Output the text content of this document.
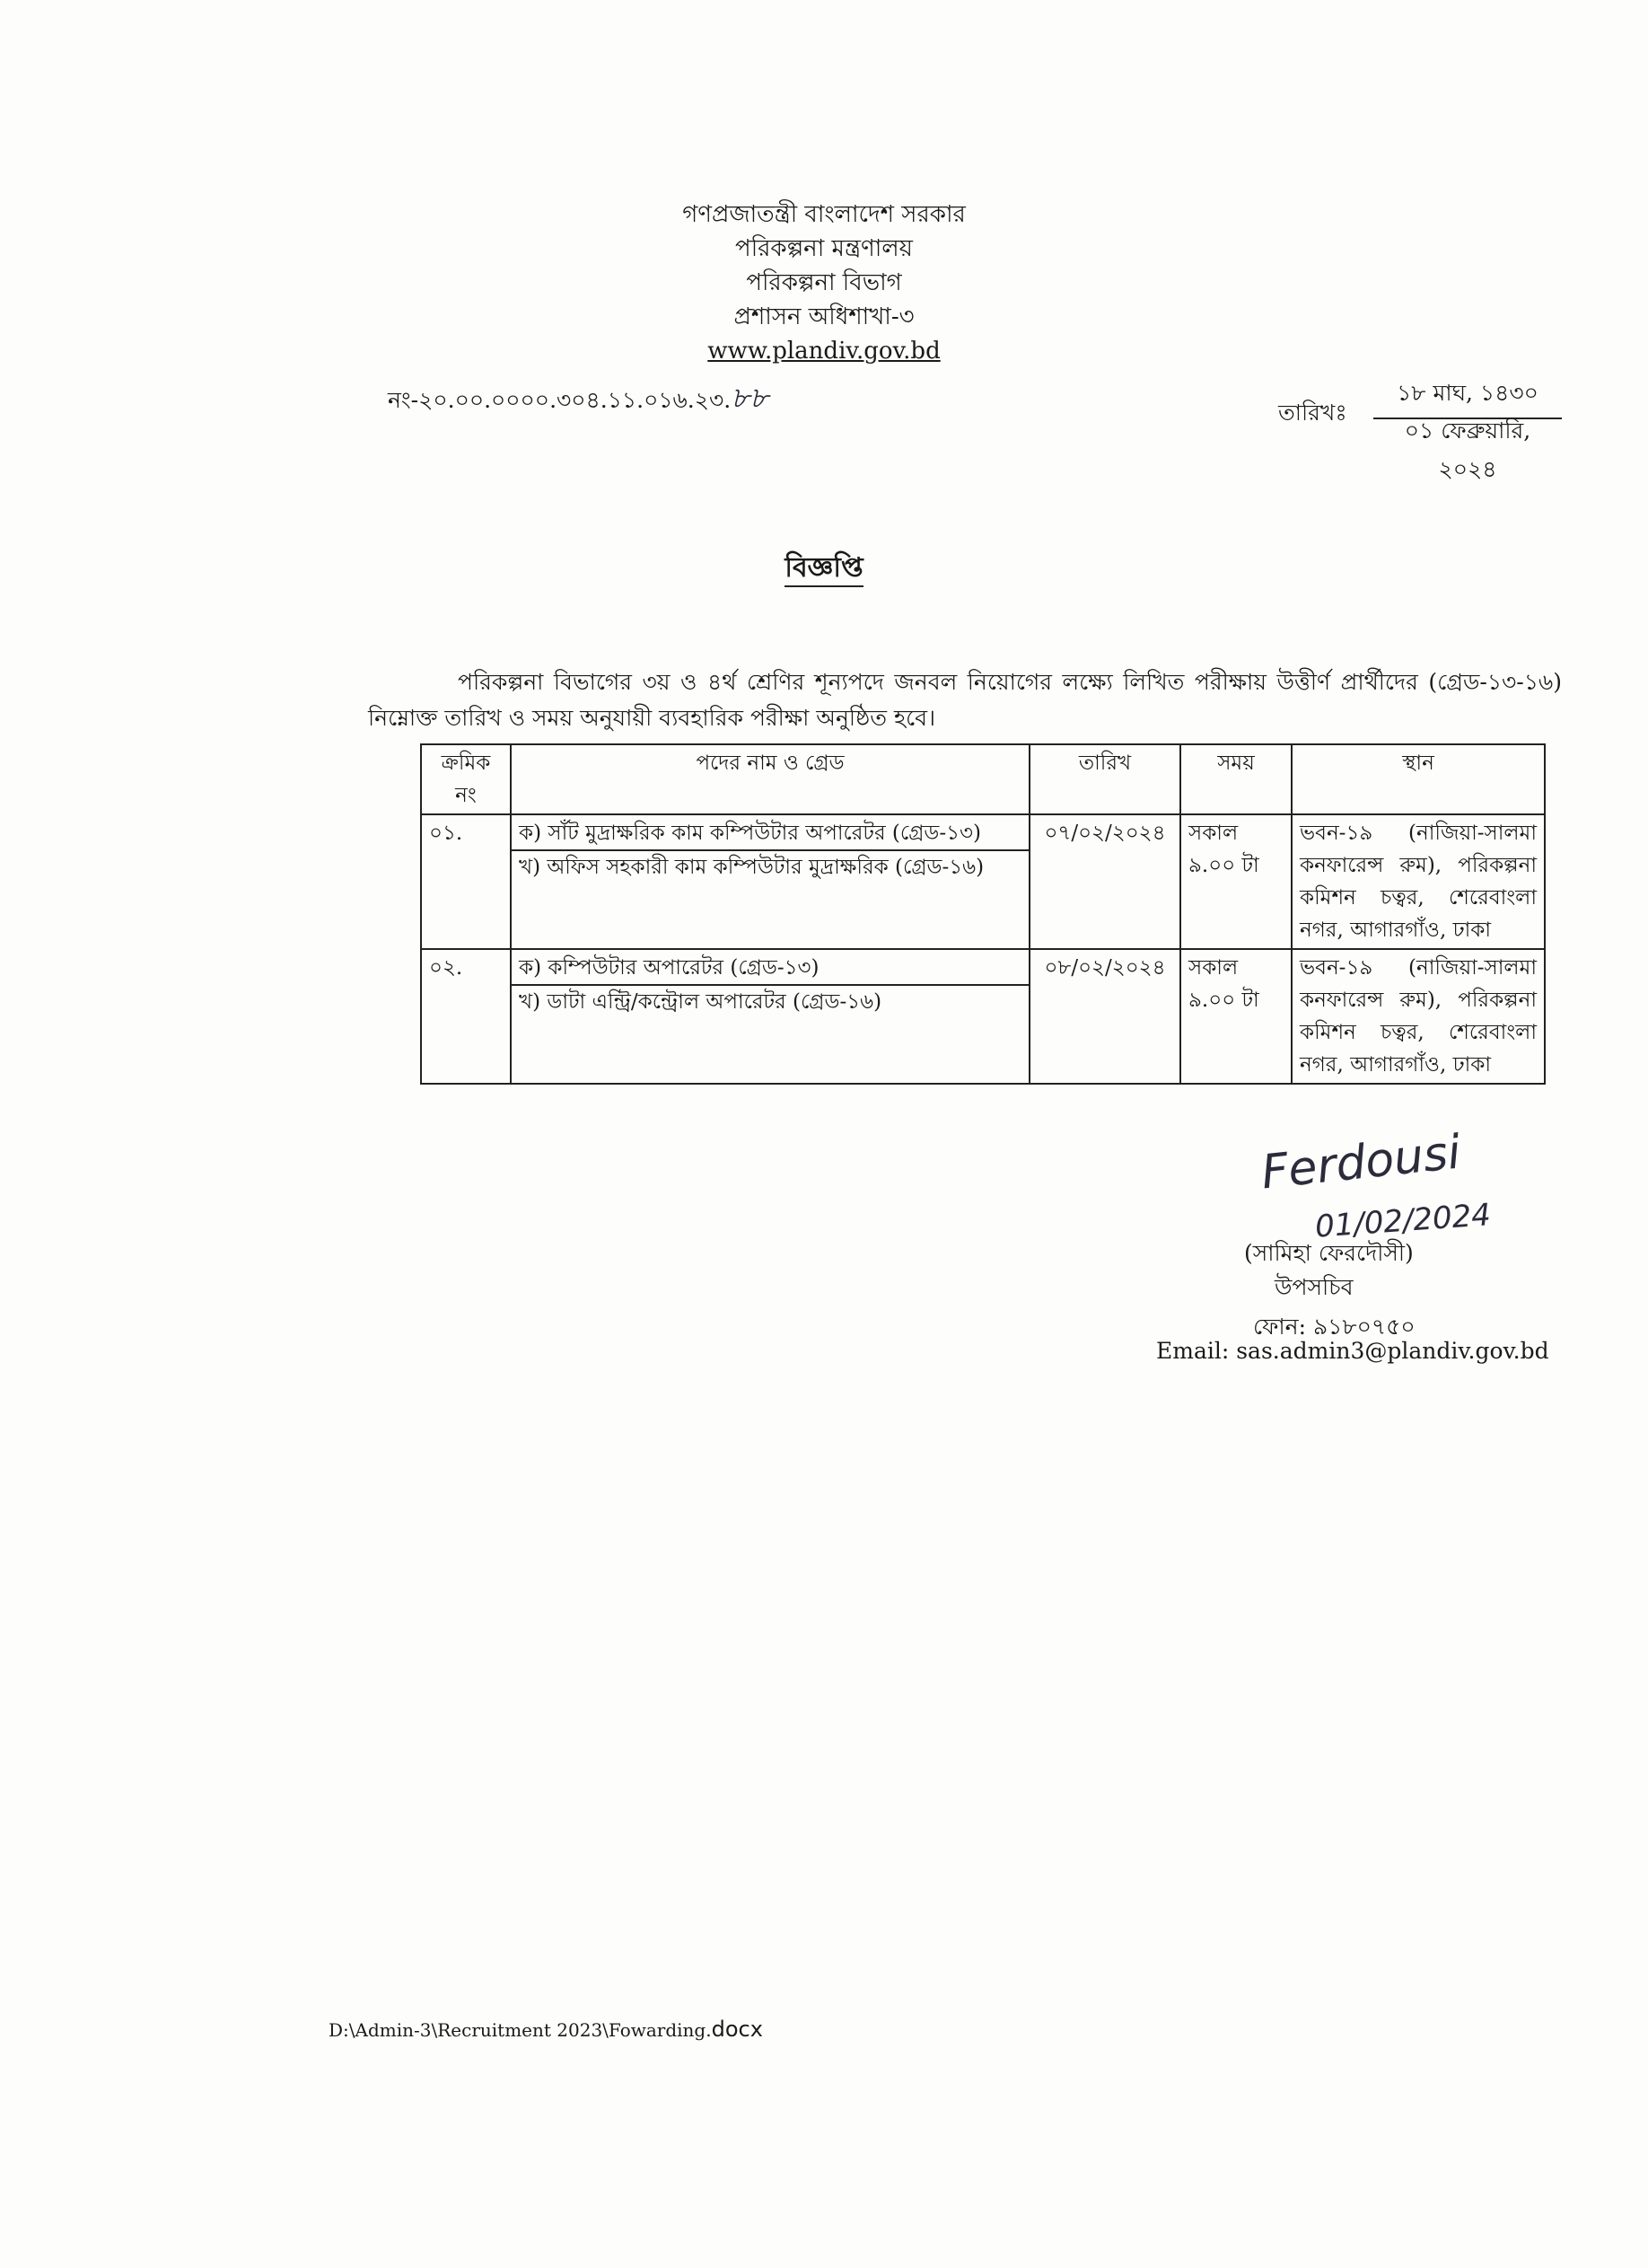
গণপ্রজাতন্ত্রী বাংলাদেশ সরকার
পরিকল্পনা মন্ত্রণালয়
পরিকল্পনা বিভাগ
প্রশাসন অধিশাখা-৩
www.plandiv.gov.bd
নং-২০.০০.০০০০.৩০৪.১১.০১৬.২৩.৮৮	তারিখঃ
১৮ মাঘ, ১৪৩০
০১ ফেব্রুয়ারি, ২০২৪
বিজ্ঞপ্তি
পরিকল্পনা বিভাগের ৩য় ও ৪র্থ শ্রেণির শূন্যপদে জনবল নিয়োগের লক্ষ্যে লিখিত পরীক্ষায় উত্তীর্ণ প্রার্থীদের (গ্রেড-১৩-১৬) নিম্নোক্ত তারিখ ও সময় অনুযায়ী ব্যবহারিক পরীক্ষা অনুষ্ঠিত হবে।
ক্রমিক নং	পদের নাম ও গ্রেড	তারিখ	সময়	স্থান
০১.	ক) সাঁট মুদ্রাক্ষরিক কাম কম্পিউটার অপারেটর (গ্রেড-১৩)
খ) অফিস সহকারী কাম কম্পিউটার মুদ্রাক্ষরিক (গ্রেড-১৬)	০৭/০২/২০২৪	সকাল ৯.০০ টা	ভবন-১৯ (নাজিয়া-সালমা কনফারেন্স রুম), পরিকল্পনা কমিশন চত্বর, শেরেবাংলা নগর, আগারগাঁও, ঢাকা
০২.	ক) কম্পিউটার অপারেটর (গ্রেড-১৩)
খ) ডাটা এন্ট্রি/কন্ট্রোল অপারেটর (গ্রেড-১৬)	০৮/০২/২০২৪	সকাল ৯.০০ টা	ভবন-১৯ (নাজিয়া-সালমা কনফারেন্স রুম), পরিকল্পনা কমিশন চত্বর, শেরেবাংলা নগর, আগারগাঁও, ঢাকা
Ferdousi
01/02/2024
(সামিহা ফেরদৌসী)
উপসচিব
ফোন: ৯১৮০৭৫০
Email: sas.admin3@plandiv.gov.bd
D:\Admin-3\Recruitment 2023\Fowarding.docx
